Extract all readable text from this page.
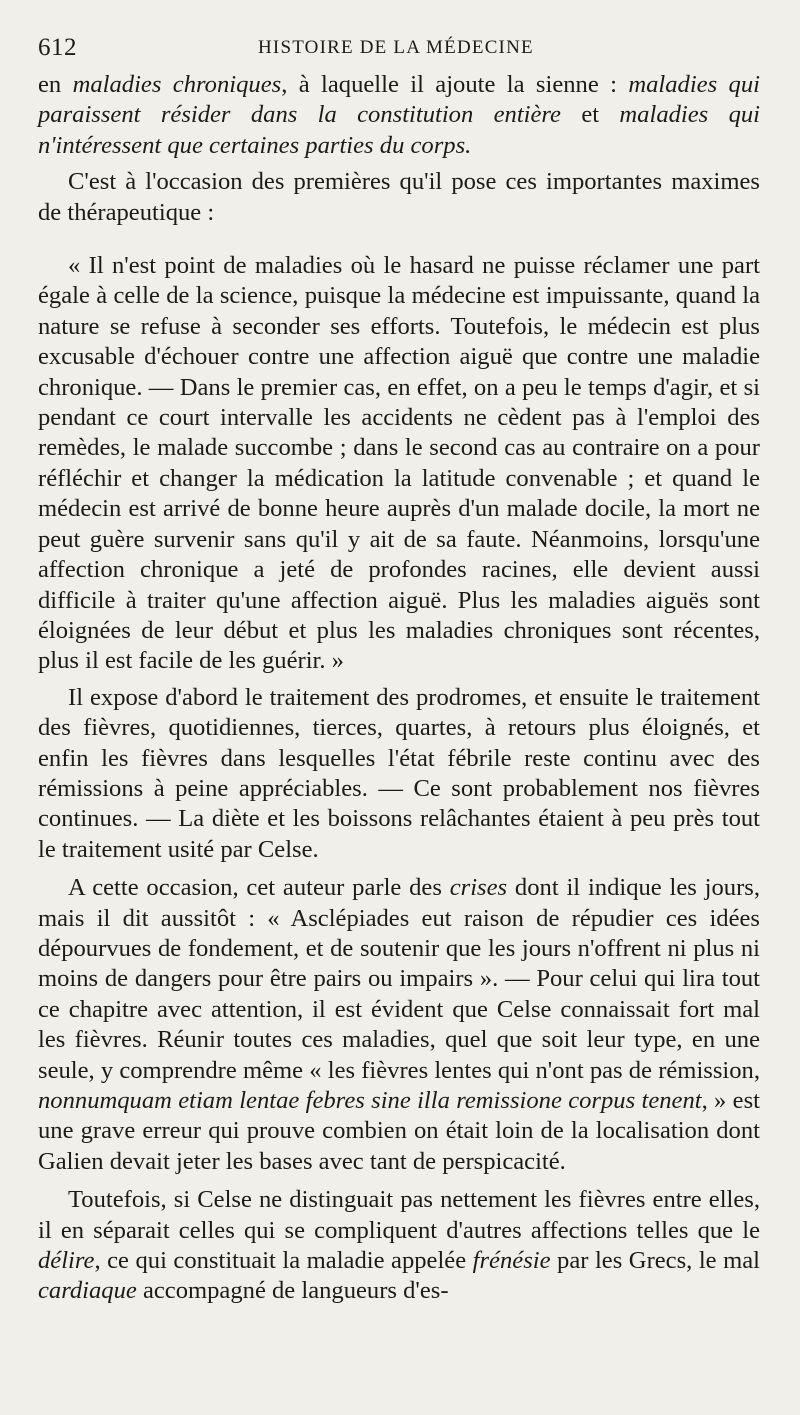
612	HISTOIRE DE LA MÉDECINE

en maladies chroniques, à laquelle il ajoute la sienne : maladies qui paraissent résider dans la constitution entière et maladies qui n'intéressent que certaines parties du corps.

C'est à l'occasion des premières qu'il pose ces importantes maximes de thérapeutique :

« Il n'est point de maladies où le hasard ne puisse réclamer une part égale à celle de la science, puisque la médecine est impuissante, quand la nature se refuse à seconder ses efforts. Toutefois, le médecin est plus excusable d'échouer contre une affection aiguë que contre une maladie chronique. — Dans le premier cas, en effet, on a peu le temps d'agir, et si pendant ce court intervalle les accidents ne cèdent pas à l'emploi des remèdes, le malade succombe ; dans le second cas au contraire on a pour réfléchir et changer la médication la latitude convenable ; et quand le médecin est arrivé de bonne heure auprès d'un malade docile, la mort ne peut guère survenir sans qu'il y ait de sa faute. Néanmoins, lorsqu'une affection chronique a jeté de profondes racines, elle devient aussi difficile à traiter qu'une affection aiguë. Plus les maladies aiguës sont éloignées de leur début et plus les maladies chroniques sont récentes, plus il est facile de les guérir. »

Il expose d'abord le traitement des prodromes, et ensuite le traitement des fièvres, quotidiennes, tierces, quartes, à retours plus éloignés, et enfin les fièvres dans lesquelles l'état fébrile reste continu avec des rémissions à peine appréciables. — Ce sont probablement nos fièvres continues. — La diète et les boissons relâchantes étaient à peu près tout le traitement usité par Celse.

A cette occasion, cet auteur parle des crises dont il indique les jours, mais il dit aussitôt : « Asclépiades eut raison de répudier ces idées dépourvues de fondement, et de soutenir que les jours n'offrent ni plus ni moins de dangers pour être pairs ou impairs ». — Pour celui qui lira tout ce chapitre avec attention, il est évident que Celse connaissait fort mal les fièvres. Réunir toutes ces maladies, quel que soit leur type, en une seule, y comprendre même « les fièvres lentes qui n'ont pas de rémission, nonnumquam etiam lentae febres sine illa remissione corpus tenent, » est une grave erreur qui prouve combien on était loin de la localisation dont Galien devait jeter les bases avec tant de perspicacité.

Toutefois, si Celse ne distinguait pas nettement les fièvres entre elles, il en séparait celles qui se compliquent d'autres affections telles que le délire, ce qui constituait la maladie appelée frénésie par les Grecs, le mal cardiaque accompagné de langueurs d'es-
